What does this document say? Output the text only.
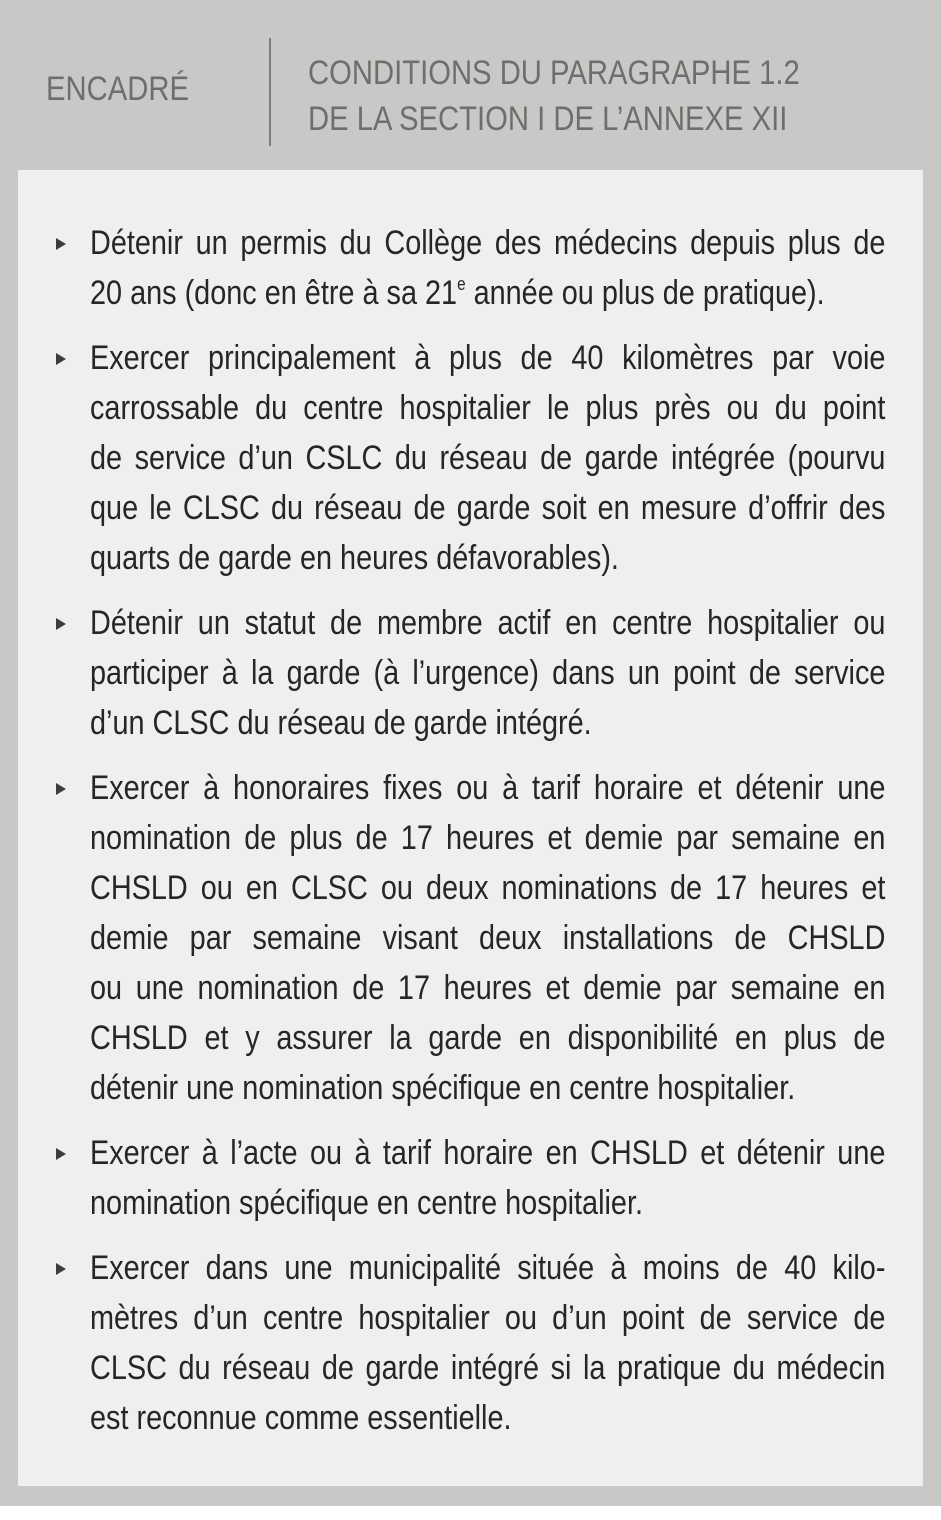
ENCADRÉ	CONDITIONS DU PARAGRAPHE 1.2
DE LA SECTION I DE L’ANNEXE XII
Détenir un permis du Collège des médecins depuis plus de
20 ans (donc en être à sa 21e année ou plus de pratique).
Exercer principalement à plus de 40 kilomètres par voie
carrossable du centre hospitalier le plus près ou du point
de service d’un CSLC du réseau de garde intégrée (pourvu
que le CLSC du réseau de garde soit en mesure d’offrir des
quarts de garde en heures défavorables).
Détenir un statut de membre actif en centre hospitalier ou
participer à la garde (à l’urgence) dans un point de service
d’un CLSC du réseau de garde intégré.
Exercer à honoraires fixes ou à tarif horaire et détenir une
nomination de plus de 17 heures et demie par semaine en
CHSLD ou en CLSC ou deux nominations de 17 heures et
demie par semaine visant deux installations de CHSLD
ou une nomination de 17 heures et demie par semaine en
CHSLD et y assurer la garde en disponibilité en plus de
détenir une nomination spécifique en centre hospitalier.
Exercer à l’acte ou à tarif horaire en CHSLD et détenir une
nomination spécifique en centre hospitalier.
Exercer dans une municipalité située à moins de 40 kilo-
mètres d’un centre hospitalier ou d’un point de service de
CLSC du réseau de garde intégré si la pratique du médecin
est reconnue comme essentielle.
